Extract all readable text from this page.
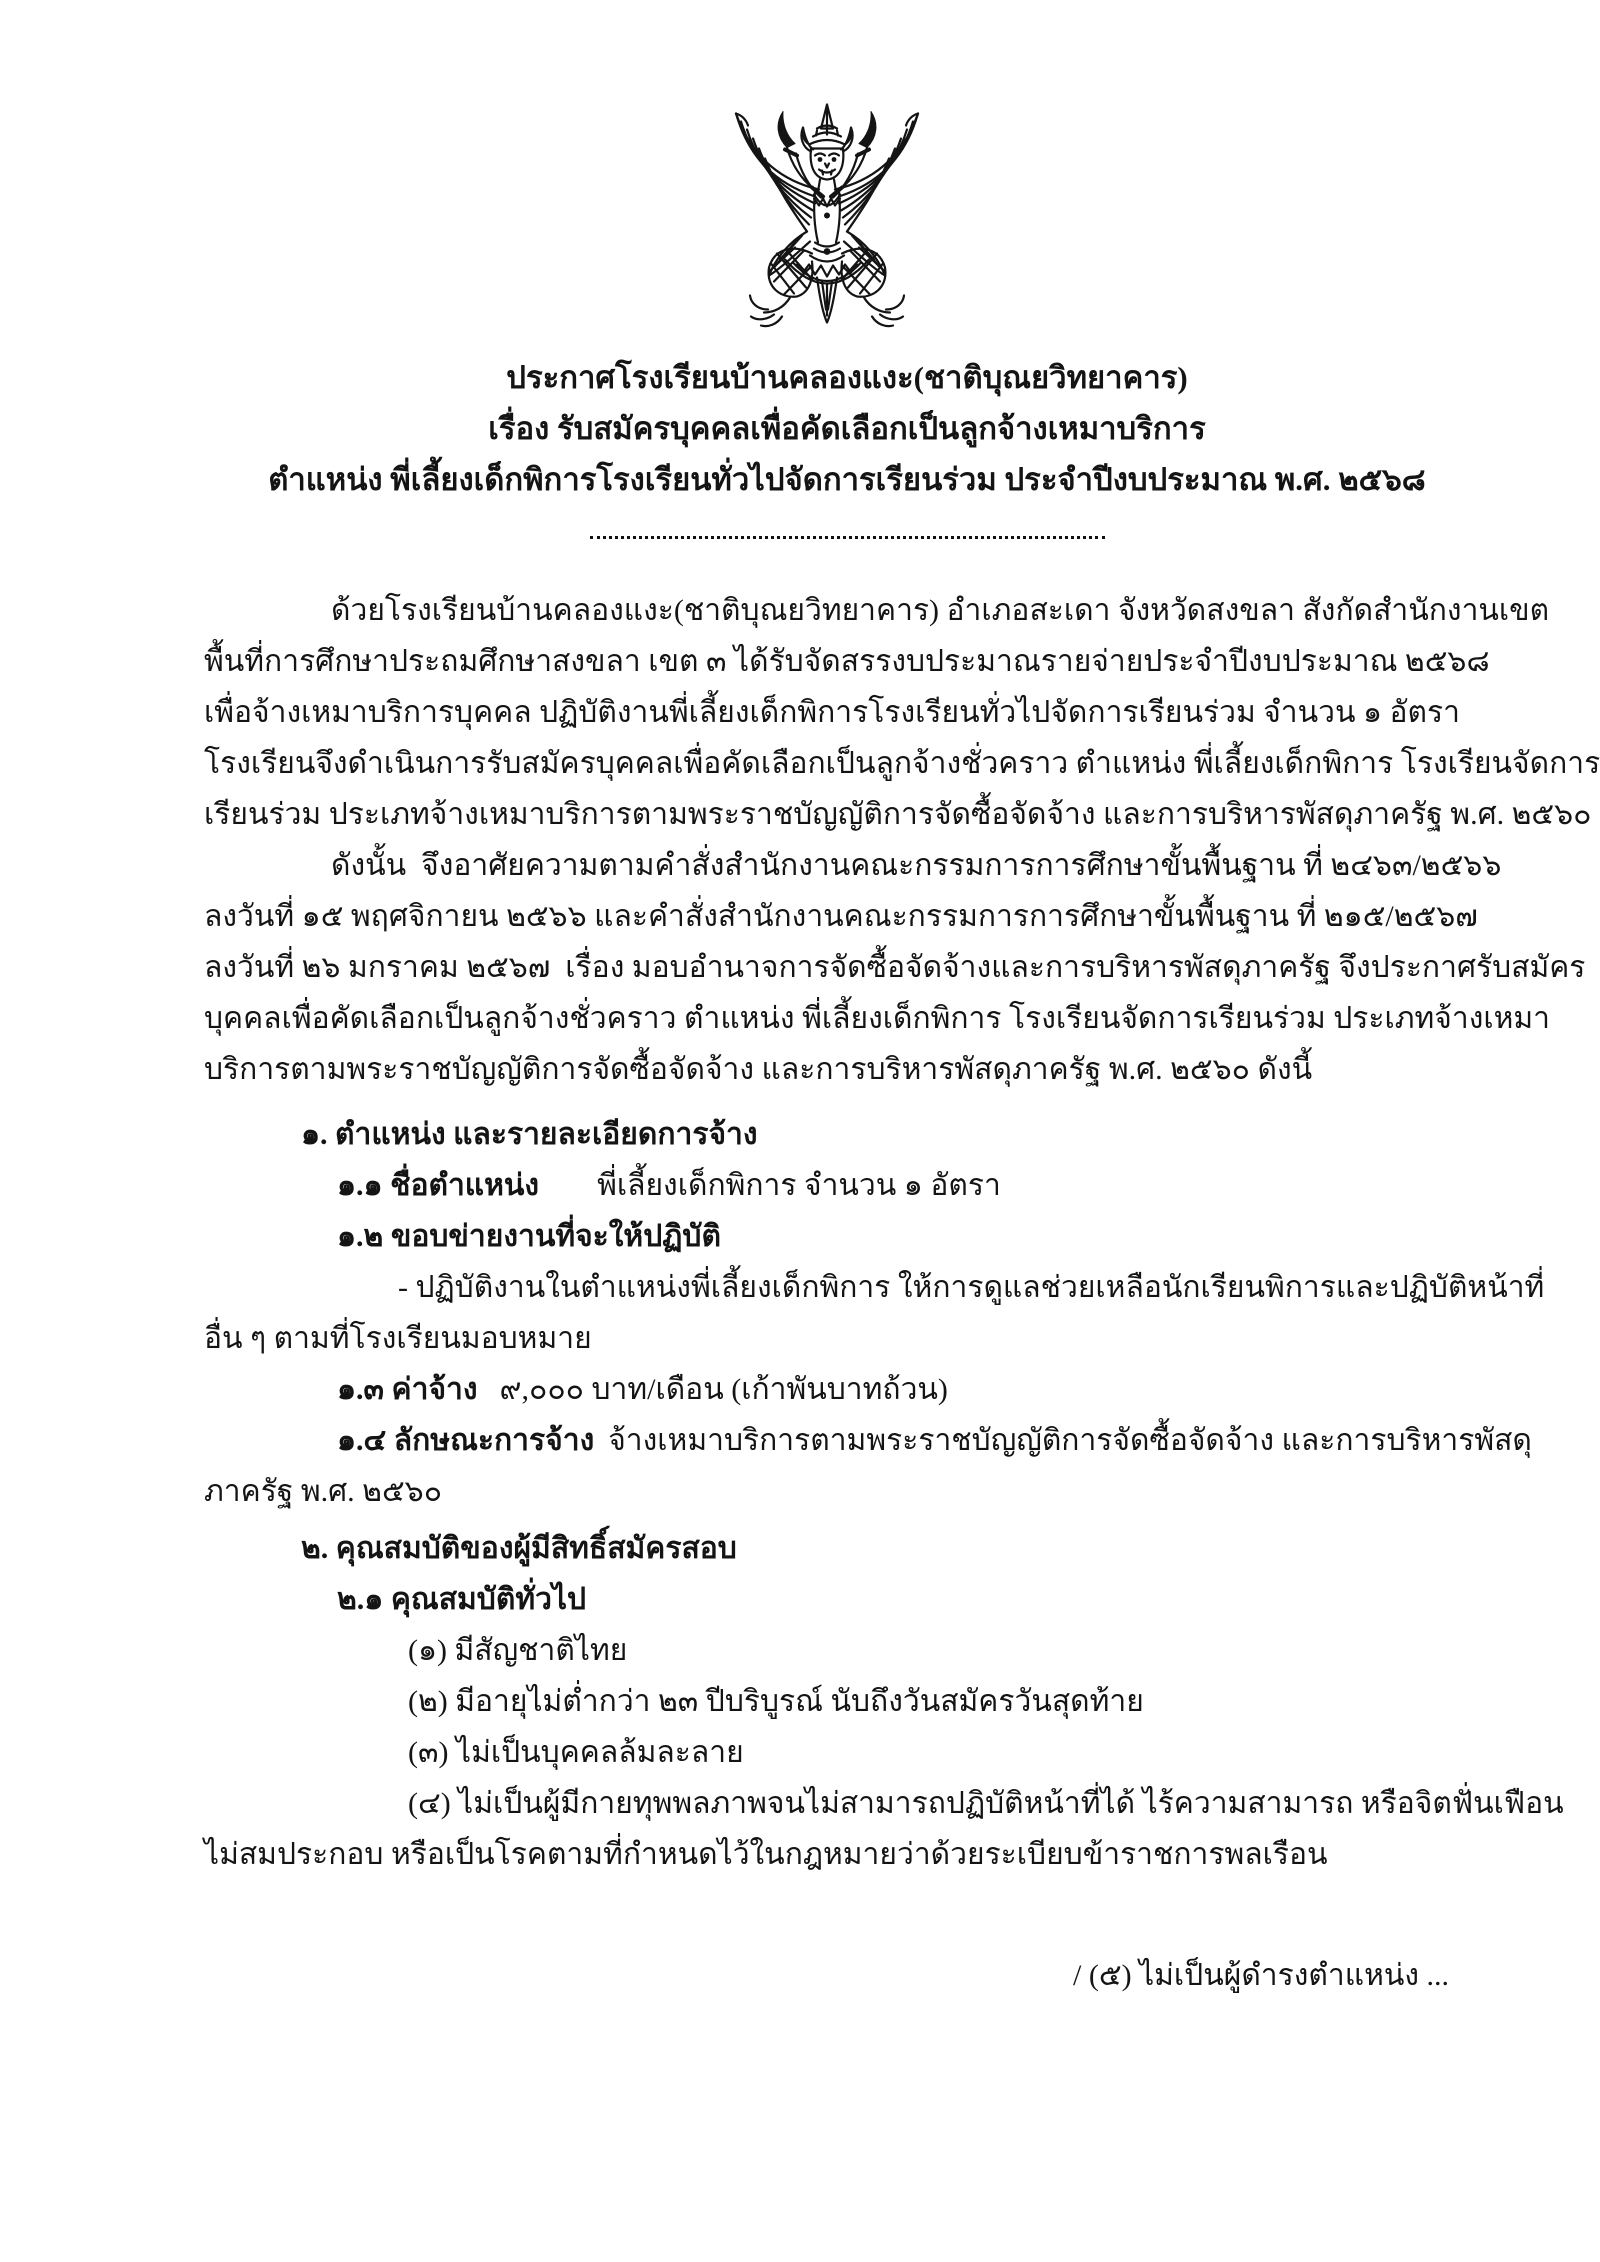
ประกาศโรงเรียนบ้านคลองแงะ(ชาติบุณยวิทยาคาร)
เรื่อง รับสมัครบุคคลเพื่อคัดเลือกเป็นลูกจ้างเหมาบริการ
ตำแหน่ง พี่เลี้ยงเด็กพิการโรงเรียนทั่วไปจัดการเรียนร่วม ประจำปีงบประมาณ พ.ศ. ๒๕๖๘
ด้วยโรงเรียนบ้านคลองแงะ(ชาติบุณยวิทยาคาร) อำเภอสะเดา จังหวัดสงขลา สังกัดสำนักงานเขต
พื้นที่การศึกษาประถมศึกษาสงขลา เขต ๓ ได้รับจัดสรรงบประมาณรายจ่ายประจำปีงบประมาณ ๒๕๖๘
เพื่อจ้างเหมาบริการบุคคล ปฏิบัติงานพี่เลี้ยงเด็กพิการโรงเรียนทั่วไปจัดการเรียนร่วม จำนวน ๑ อัตรา
โรงเรียนจึงดำเนินการรับสมัครบุคคลเพื่อคัดเลือกเป็นลูกจ้างชั่วคราว ตำแหน่ง พี่เลี้ยงเด็กพิการ โรงเรียนจัดการ
เรียนร่วม ประเภทจ้างเหมาบริการตามพระราชบัญญัติการจัดซื้อจัดจ้าง และการบริหารพัสดุภาครัฐ พ.ศ. ๒๕๖๐
ดังนั้น  จึงอาศัยความตามคำสั่งสำนักงานคณะกรรมการการศึกษาขั้นพื้นฐาน ที่ ๒๔๖๓/๒๕๖๖
ลงวันที่ ๑๕ พฤศจิกายน ๒๕๖๖ และคำสั่งสำนักงานคณะกรรมการการศึกษาขั้นพื้นฐาน ที่ ๒๑๕/๒๕๖๗
ลงวันที่ ๒๖ มกราคม ๒๕๖๗  เรื่อง มอบอำนาจการจัดซื้อจัดจ้างและการบริหารพัสดุภาครัฐ จึงประกาศรับสมัคร
บุคคลเพื่อคัดเลือกเป็นลูกจ้างชั่วคราว ตำแหน่ง พี่เลี้ยงเด็กพิการ โรงเรียนจัดการเรียนร่วม ประเภทจ้างเหมา
บริการตามพระราชบัญญัติการจัดซื้อจัดจ้าง และการบริหารพัสดุภาครัฐ พ.ศ. ๒๕๖๐ ดังนี้
๑. ตำแหน่ง และรายละเอียดการจ้าง
๑.๑ ชื่อตำแหน่ง พี่เลี้ยงเด็กพิการ จำนวน ๑ อัตรา
๑.๒ ขอบข่ายงานที่จะให้ปฏิบัติ
- ปฏิบัติงานในตำแหน่งพี่เลี้ยงเด็กพิการ ให้การดูแลช่วยเหลือนักเรียนพิการและปฏิบัติหน้าที่
อื่น ๆ ตามที่โรงเรียนมอบหมาย
๑.๓ ค่าจ้าง ๙,๐๐๐ บาท/เดือน (เก้าพันบาทถ้วน)
๑.๔ ลักษณะการจ้าง จ้างเหมาบริการตามพระราชบัญญัติการจัดซื้อจัดจ้าง และการบริหารพัสดุ
ภาครัฐ พ.ศ. ๒๕๖๐
๒. คุณสมบัติของผู้มีสิทธิ์สมัครสอบ
๒.๑ คุณสมบัติทั่วไป
(๑) มีสัญชาติไทย
(๒) มีอายุไม่ต่ำกว่า ๒๓ ปีบริบูรณ์ นับถึงวันสมัครวันสุดท้าย
(๓) ไม่เป็นบุคคลล้มละลาย
(๔) ไม่เป็นผู้มีกายทุพพลภาพจนไม่สามารถปฏิบัติหน้าที่ได้ ไร้ความสามารถ หรือจิตฟั่นเฟือน
ไม่สมประกอบ หรือเป็นโรคตามที่กำหนดไว้ในกฎหมายว่าด้วยระเบียบข้าราชการพลเรือน
/ (๕) ไม่เป็นผู้ดำรงตำแหน่ง ...
